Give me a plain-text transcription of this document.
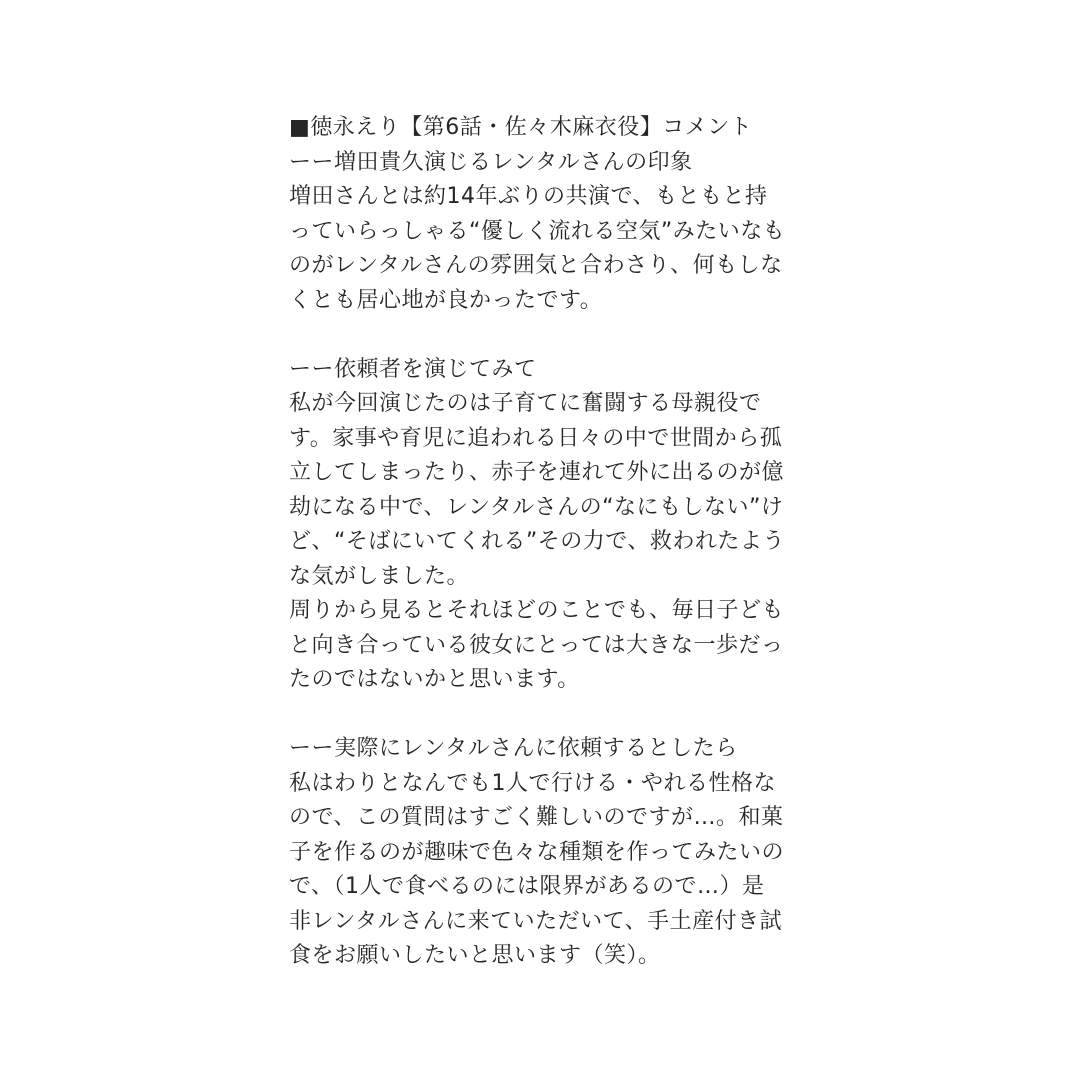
■徳永えり【第6話・佐々木麻衣役】コメント
ーー増田貴久演じるレンタルさんの印象
増田さんとは約14年ぶりの共演で、もともと持
っていらっしゃる“優しく流れる空気”みたいなも
のがレンタルさんの雰囲気と合わさり、何もしな
くとも居心地が良かったです。
ーー依頼者を演じてみて
私が今回演じたのは子育てに奮闘する母親役で
す。家事や育児に追われる日々の中で世間から孤
立してしまったり、赤子を連れて外に出るのが億
劫になる中で、レンタルさんの“なにもしない”け
ど、“そばにいてくれる”その力で、救われたよう
な気がしました。
周りから見るとそれほどのことでも、毎日子ども
と向き合っている彼女にとっては大きな一歩だっ
たのではないかと思います。
ーー実際にレンタルさんに依頼するとしたら
私はわりとなんでも1人で行ける・やれる性格な
ので、この質問はすごく難しいのですが…。和菓
子を作るのが趣味で色々な種類を作ってみたいの
で、（1人で食べるのには限界があるので…）是
非レンタルさんに来ていただいて、手土産付き試
食をお願いしたいと思います（笑）。
